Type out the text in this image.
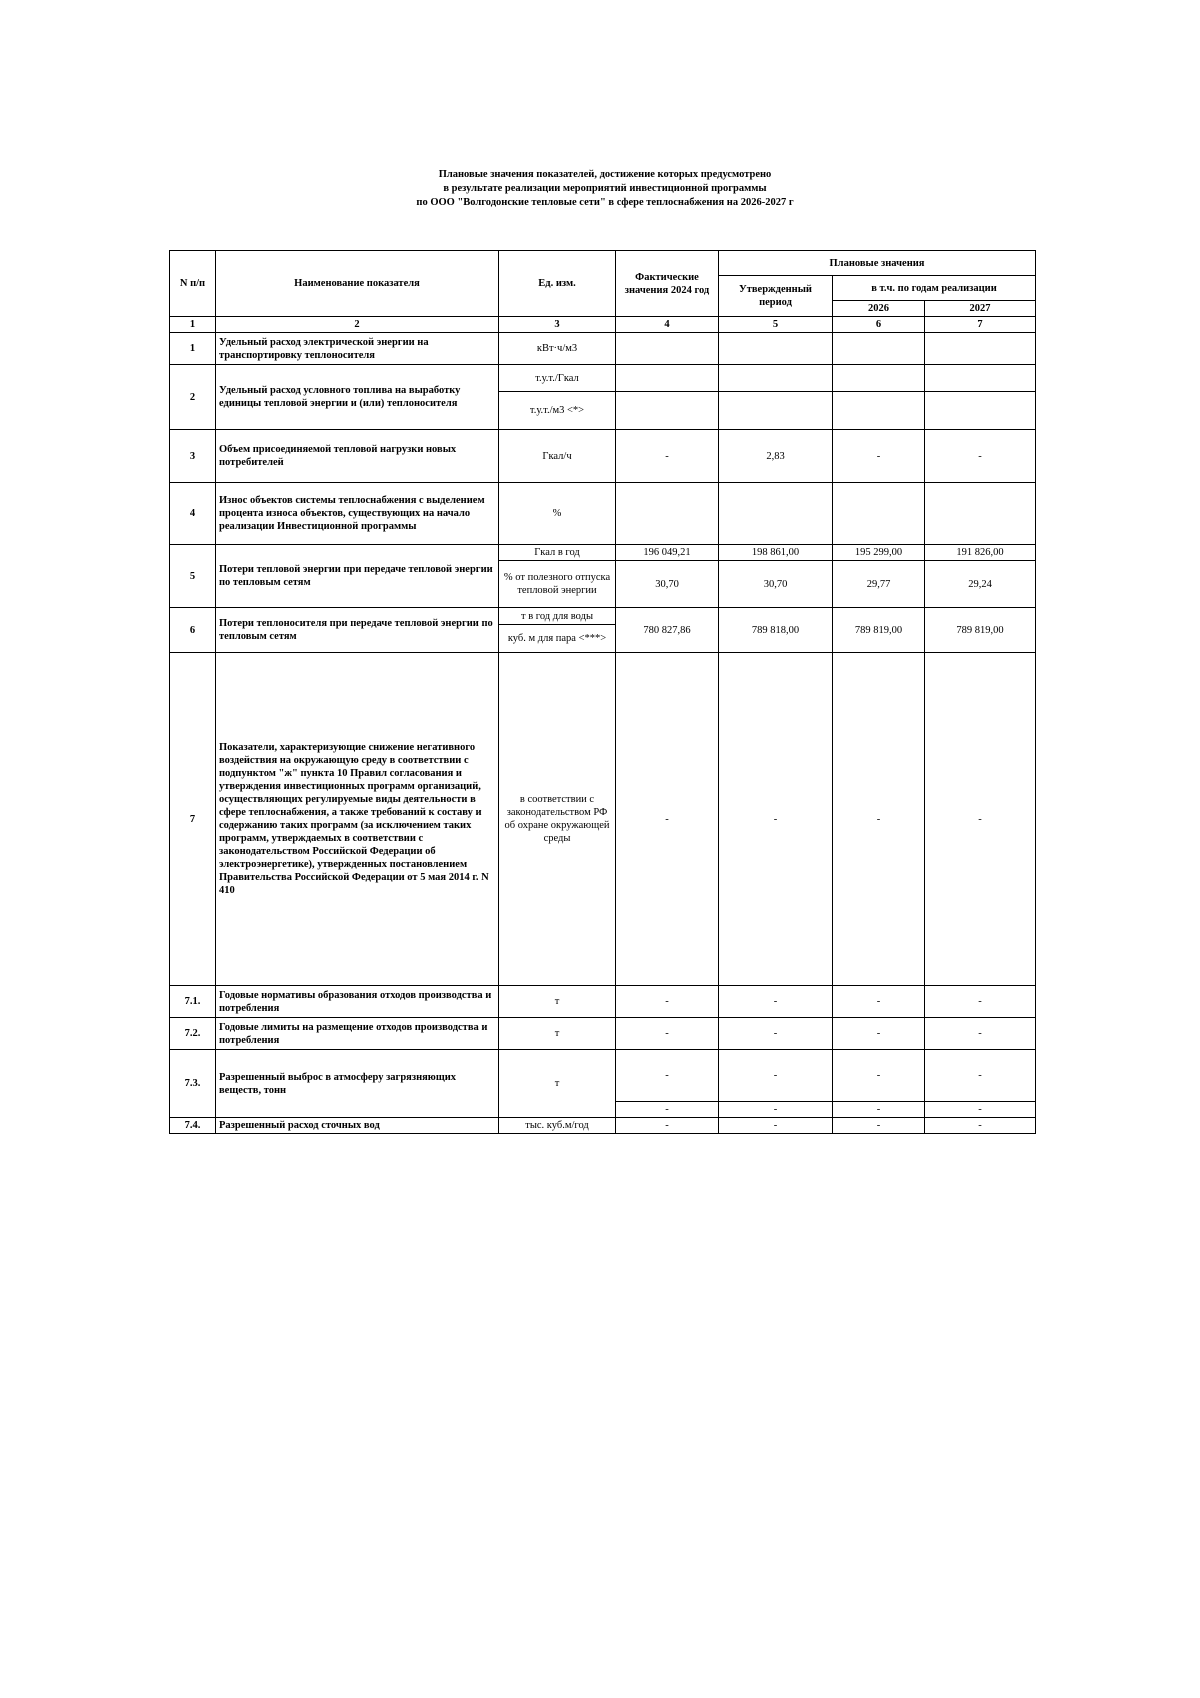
Плановые значения показателей, достижение которых предусмотрено
в результате реализации мероприятий инвестиционной программы
по ООО "Волгодонские тепловые сети" в сфере теплоснабжения на 2026-2027 г
N п/п	Наименование показателя	Ед. изм.	Фактические значения 2024 год	Плановые значения		
				Утвержденный период	в т.ч. по годам реализации	
					2026	2027
1	2	3	4	5	6	7
1	Удельный расход электрической энергии на транспортировку теплоносителя	кВт·ч/м3				
2	Удельный расход условного топлива на выработку единицы тепловой энергии и (или) теплоносителя	т.у.т./Гкал				
		т.у.т./м3 <*>				
3	Объем присоединяемой тепловой нагрузки новых потребителей	Гкал/ч	-	2,83	-	-
4	Износ объектов системы теплоснабжения с выделением процента износа объектов, существующих на начало реализации Инвестиционной программы	%				
5	Потери тепловой энергии при передаче тепловой энергии по тепловым сетям	Гкал в год	196 049,21	198 861,00	195 299,00	191 826,00
		% от полезного отпуска тепловой энергии	30,70	30,70	29,77	29,24
6	Потери теплоносителя при передаче тепловой энергии по тепловым сетям	т в год для воды	780 827,86	789 818,00	789 819,00	789 819,00
		куб. м для пара <***>				
7	Показатели, характеризующие снижение негативного воздействия на окружающую среду в соответствии с подпунктом "ж" пункта 10 Правил согласования и утверждения инвестиционных программ организаций, осуществляющих регулируемые виды деятельности в сфере теплоснабжения, а также требований к составу и содержанию таких программ (за исключением таких программ, утверждаемых в соответствии с законодательством Российской Федерации об электроэнергетике), утвержденных постановлением Правительства Российской Федерации от 5 мая 2014 г. N 410	в соответствии с законодательством РФ об охране окружающей среды	-	-	-	-
7.1.	Годовые нормативы образования отходов производства и потребления	т	-	-	-	-
7.2.	Годовые лимиты на размещение отходов производства и потребления	т	-	-	-	-
7.3.	Разрешенный выброс в атмосферу загрязняющих веществ, тонн	т	-	-	-	-
			-	-	-	-
7.4.	Разрешенный расход сточных вод	тыс. куб.м/год	-	-	-	-
